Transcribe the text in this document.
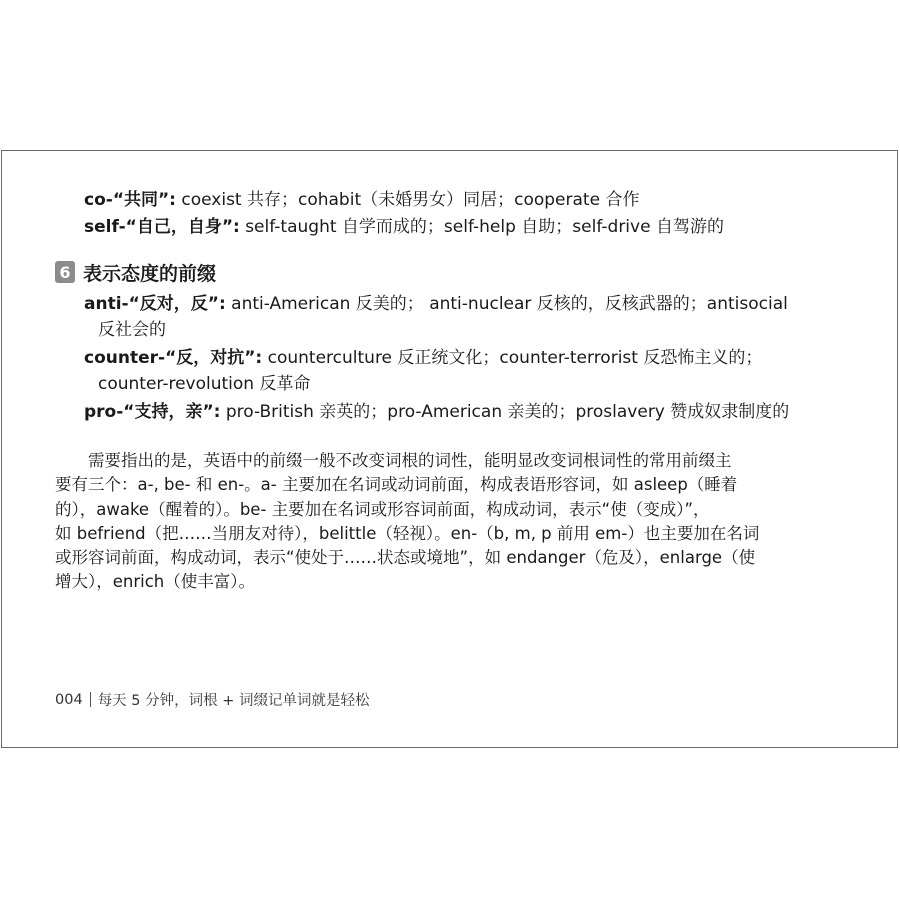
co-“共同”: coexist 共存；cohabit（未婚男女）同居；cooperate 合作
self-“自己，自身”: self-taught 自学而成的；self-help 自助；self-drive 自驾游的
6 表示态度的前缀
anti-“反对，反”: anti-American 反美的； anti-nuclear 反核的，反核武器的；antisocial
反社会的
counter-“反，对抗”: counterculture 反正统文化；counter-terrorist 反恐怖主义的；
counter-revolution 反革命
pro-“支持，亲”: pro-British 亲英的；pro-American 亲美的；proslavery 赞成奴隶制度的
　　需要指出的是，英语中的前缀一般不改变词根的词性，能明显改变词根词性的常用前缀主
要有三个：a-, be- 和 en-。a- 主要加在名词或动词前面，构成表语形容词，如 asleep（睡着
的），awake（醒着的）。be- 主要加在名词或形容词前面，构成动词，表示“使（变成）”，
如 befriend（把……当朋友对待），belittle（轻视）。en-（b, m, p 前用 em-）也主要加在名词
或形容词前面，构成动词，表示“使处于……状态或境地”，如 endanger（危及），enlarge（使
增大），enrich（使丰富）。
004 每天 5 分钟，词根 + 词缀记单词就是轻松
